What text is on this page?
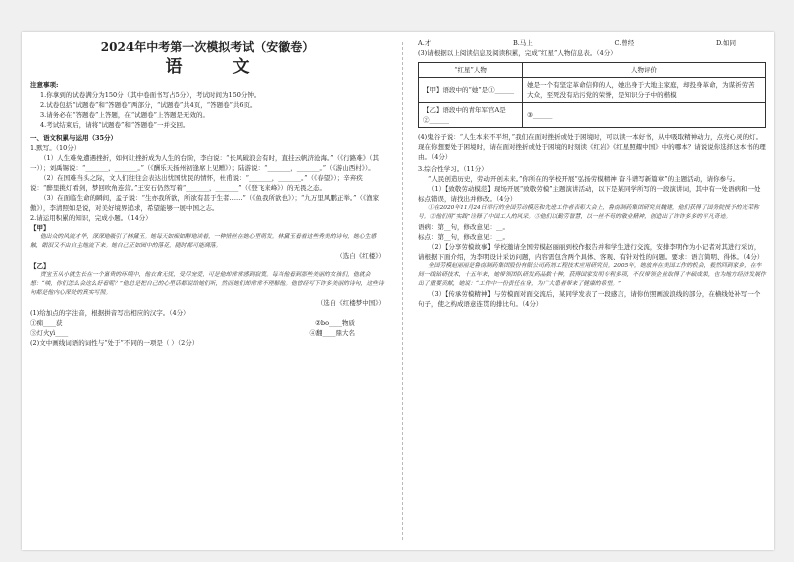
2024年中考第一次模拟考试（安徽卷）
语 文

注意事项:

1.你拿到的试卷满分为150分（其中卷面书写占5分），考试时间为150分钟。

2.试卷包括“试题卷”和“答题卷”两部分，“试题卷”共4页，“答题卷”共6页。

3.请务必在“答题卷”上答题，在“试题卷”上答题是无效的。

4.考试结束后，请将“试题卷”和“答题卷”一并交回。

一、语文积累与运用（35分）

1.默写。（10分）

（1）人生难免遭遇挫折，如何让挫折成为人生的台阶，李白说：“长风破浪会有时，直挂云帆济沧海。”（《行路难》（其一））；刘禹锡说：“_______，_______。”（《酬乐天扬州初逢席上见赠》）；陆游说：“_______，_______。”（《游山西村》）。

（2）在国难当头之际，文人们往往会表达出忧国忧民的情怀，杜甫说：“_______，_______。”（《春望》）；辛弃疾说：“醉里挑灯看剑，梦回吹角连营。”王安石仍然写着“_______，_______”（《登飞来峰》）的无畏之态。

（3）在面临生命的瞬间，孟子说：“生亦我所欲，所欲有甚于生者……”（《鱼我所欲也》）；“九万里风鹏正举。”（《渔家傲》），李清照如是说，对美好境界追求，希望能够一展中国之志。

2.请运用积累的知识，完成小题。（14分）

【甲】

他出众的风流才华，深深地吸引了林黛玉。她每天如痴如醉地读着，一种情丝在她心里萌发。林黛玉看着这些秀美的诗句，她心生感触，眼泪又不由自主地流下来。她自己正如园中的落花，随时都可能凋落。

（选自《红楼》）

【乙】

贾宝玉从小就生长在一个富贵的环境中，他衣食无忧，受尽宠爱，可是他却常常感到寂寞。每当他看到那些美丽的女孩们，他就会想：“咦，你们怎么会这么好看呢？”他总是把自己的心里话都说给她们听，然而她们却常常不理解他。他曾经写下许多美丽的诗句，这些诗句都是他内心深处的真实写照。

（选自《红楼梦中国》）

(1)给加点的字注音，根据拼音写出相应的汉字。（4分）

①痴____获	②bo____物质
③灯火yì____	④翻____鼎大名

(2)文中画线词语的词性与“处于”不同的一项是（ ）（2分）

A.才	B.马上	C.曾经	D.如同

(3)请根据以上阅读信息及阅读积累，完成“红星”人物信息表。（4分）

“红星”人物	人物评价
【甲】语段中的“她”是①______	她是一个有坚定革命信仰的人，她出身于大地主家庭，却投身革命，为谋祈劳苦大众，至死没有玷污党的荣誉，是知识分子中的楷模
【乙】语段中的青年军官A是②______	③______

(4)鬼谷子说：“人生本来不平坦，”我们在面对挫折或处于困境时，可以读一本好书，从中吸取精神动力，点亮心灵的灯。现在你想要处于困境时，请在面对挫折或处于困境的时刻读《红岩》《红星照耀中国》中的哪本？请说说你选择这本书的理由。（4分）

3.综合性学习。（11分）

“人民创造历史，劳动开创未来。”你所在的学校开展“弘扬劳模精神 奋斗谱写新篇章”的主题活动，请你参与。

（1）【致敬劳动模范】现场开展“致敬劳模”主题演讲活动，以下是某同学所写的一段演讲词，其中有一处语病和一处标点错误，请找出并修改。（4分）

①在2020年11月24日举行的全国劳动模范和先进工作者表彰大会上，鲁南制药集团研究员魏建，他们获得了国务院授予的光荣称号。②他们用“实践”诠释了中国工人的风采。③他们以勤劳智慧，以一丝不苟的敬业精神，创造出了许许多多的平凡奇迹。

语病：第__句，修改意见：__。

标点：第__句，修改意见：__。

（2）【分享劳模故事】学校邀请全国劳模赵丽丽到校作报告并和学生进行交流，安排李明作为小记者对其进行采访，请根据下面介绍，为李明设计采访问题，内容需包含两个具体、客观、有针对性的问题。要求：语言简明、得体。（4分）

全国劳模赵丽丽是鲁南制药集团股份有限公司药剂工程技术应用研究员。2005年，她放弃在美国工作的机会，毅然回到家乡，在车间一线钻研技术，十五年来，她带领团队研发药品数十种，获得国家发明专利多项，不仅带领企业取得了丰硕成果，也为地方经济发展作出了重要贡献，她说：“工作中一份责任在身，为广大患者带来了健康的希望。”

（3）【传承劳模精神】与劳模面对面交流后，某同学发表了一段感言，请你仿照画波浪线的部分，在横线处补写一个句子，使之构成语意连贯的排比句。（4分）
